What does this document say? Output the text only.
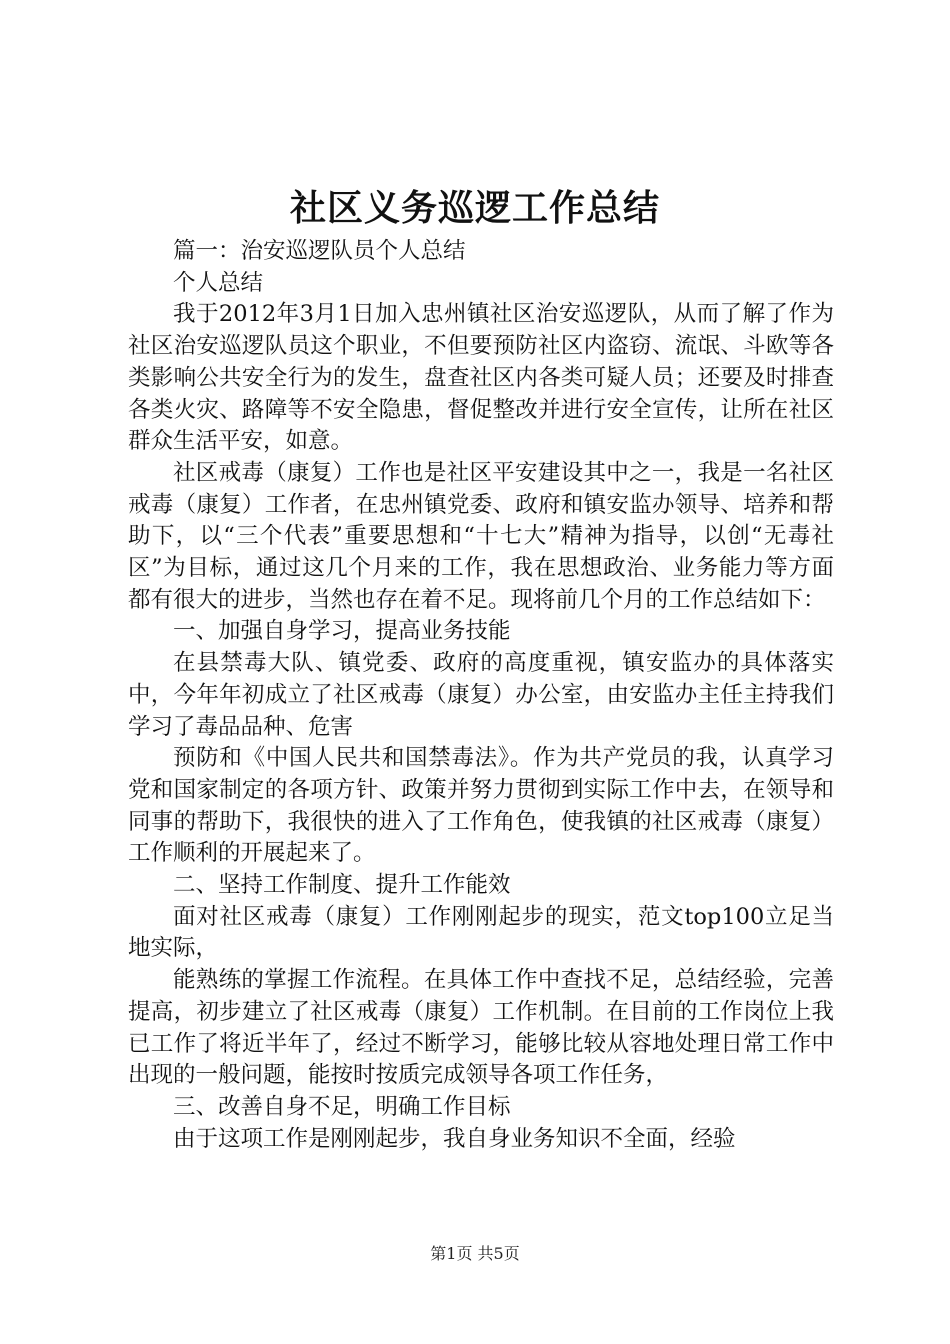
社区义务巡逻工作总结

篇一：治安巡逻队员个人总结

个人总结

我于2012年3月1日加入忠州镇社区治安巡逻队，从而了解了作为社区治安巡逻队员这个职业，不但要预防社区内盗窃、流氓、斗欧等各类影响公共安全行为的发生，盘查社区内各类可疑人员；还要及时排查各类火灾、路障等不安全隐患，督促整改并进行安全宣传，让所在社区群众生活平安，如意。

社区戒毒（康复）工作也是社区平安建设其中之一，我是一名社区戒毒（康复）工作者，在忠州镇党委、政府和镇安监办领导、培养和帮助下，以“三个代表”重要思想和“十七大”精神为指导，以创“无毒社区”为目标，通过这几个月来的工作，我在思想政治、业务能力等方面都有很大的进步，当然也存在着不足。现将前几个月的工作总结如下：

一、加强自身学习，提高业务技能

在县禁毒大队、镇党委、政府的高度重视，镇安监办的具体落实中，今年年初成立了社区戒毒（康复）办公室，由安监办主任主持我们学习了毒品品种、危害

预防和《中国人民共和国禁毒法》。作为共产党员的我，认真学习党和国家制定的各项方针、政策并努力贯彻到实际工作中去，在领导和同事的帮助下，我很快的进入了工作角色，使我镇的社区戒毒（康复）工作顺利的开展起来了。

二、坚持工作制度、提升工作能效

面对社区戒毒（康复）工作刚刚起步的现实，范文top100立足当地实际，

能熟练的掌握工作流程。在具体工作中查找不足，总结经验，完善提高，初步建立了社区戒毒（康复）工作机制。在目前的工作岗位上我已工作了将近半年了，经过不断学习，能够比较从容地处理日常工作中出现的一般问题，能按时按质完成领导各项工作任务，

三、改善自身不足，明确工作目标

由于这项工作是刚刚起步，我自身业务知识不全面，经验

第1页 共5页
